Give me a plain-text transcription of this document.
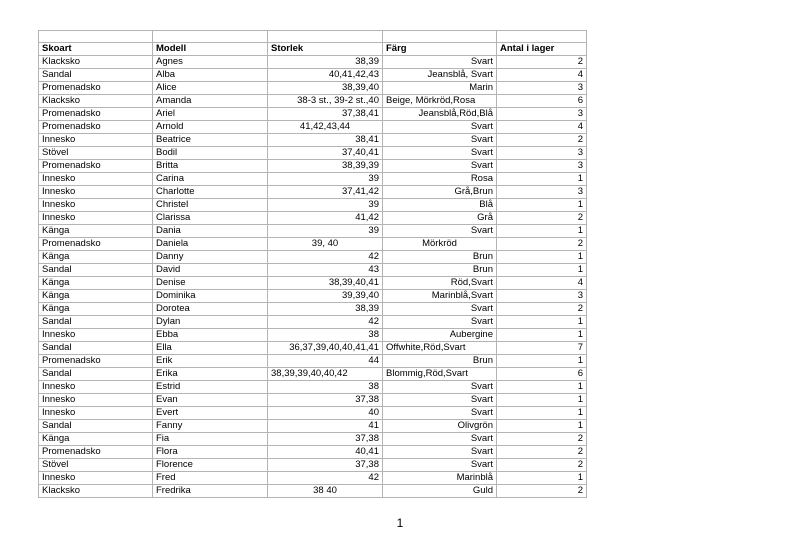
Skoart	Modell	Storlek	Färg	Antal i lager
Klacksko	Agnes	38,39	Svart	2
Sandal	Alba	40,41,42,43	Jeansblå, Svart	4
Promenadsko	Alice	38,39,40	Marin	3
Klacksko	Amanda	38-3 st., 39-2 st.,40	Beige, Mörkröd,Rosa	6
Promenadsko	Ariel	37,38,41	Jeansblå,Röd,Blå	3
Promenadsko	Arnold	41,42,43,44	Svart	4
Innesko	Beatrice	38,41	Svart	2
Stövel	Bodil	37,40,41	Svart	3
Promenadsko	Britta	38,39,39	Svart	3
Innesko	Carina	39	Rosa	1
Innesko	Charlotte	37,41,42	Grå,Brun	3
Innesko	Christel	39	Blå	1
Innesko	Clarissa	41,42	Grå	2
Känga	Dania	39	Svart	1
Promenadsko	Daniela	39, 40	Mörkröd	2
Känga	Danny	42	Brun	1
Sandal	David	43	Brun	1
Känga	Denise	38,39,40,41	Röd,Svart	4
Känga	Dominika	39,39,40	Marinblå,Svart	3
Känga	Dorotea	38,39	Svart	2
Sandal	Dylan	42	Svart	1
Innesko	Ebba	38	Aubergine	1
Sandal	Ella	36,37,39,40,40,41,41	Offwhite,Röd,Svart	7
Promenadsko	Erik	44	Brun	1
Sandal	Erika	38,39,39,40,40,42	Blommig,Röd,Svart	6
Innesko	Estrid	38	Svart	1
Innesko	Evan	37,38	Svart	1
Innesko	Evert	40	Svart	1
Sandal	Fanny	41	Olivgrön	1
Känga	Fia	37,38	Svart	2
Promenadsko	Flora	40,41	Svart	2
Stövel	Florence	37,38	Svart	2
Innesko	Fred	42	Marinblå	1
Klacksko	Fredrika	38 40	Guld	2
1
